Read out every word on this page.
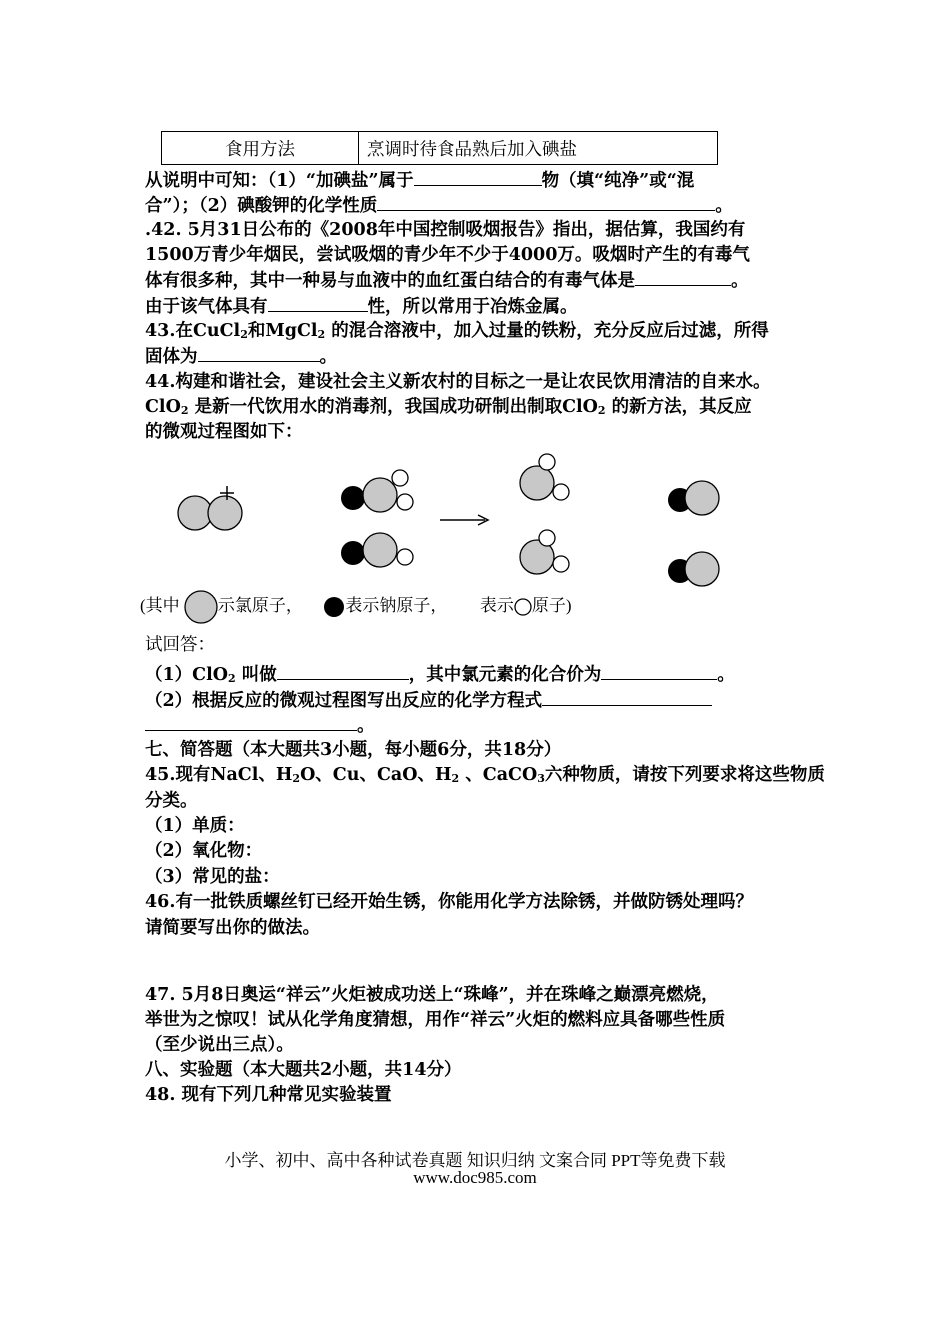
食用方法	烹调时待食品熟后加入碘盐
从说明中可知：（1）“加碘盐”属于	物（填“纯净”或“混
合”）；（2）碘酸钾的化学性质	。
.42. 5月31日公布的《2008年中国控制吸烟报告》指出，据估算，我国约有
1500万青少年烟民，尝试吸烟的青少年不少于4000万。吸烟时产生的有毒气
体有很多种，其中一种易与血液中的血红蛋白结合的有毒气体是	。
由于该气体具有	性，所以常用于冶炼金属。
43.在CuCl$_2$和MgCl$_2$ 的混合溶液中，加入过量的铁粉，充分反应后过滤，所得
固体为	。
44.构建和谐社会，建设社会主义新农村的目标之一是让农民饮用清洁的自来水。
ClO$_2$ 是新一代饮用水的消毒剂，我国成功研制出制取ClO$_2$ 的新方法，其反应
的微观过程图如下：
(其中 示氯原子，	表示钠原子， 表示 原子)
试回答：
（1）ClO$_2$ 叫做	，其中氯元素的化合价为	。
（2）根据反应的微观过程图写出反应的化学方程式
。
七、简答题（本大题共3小题，每小题6分，共18分）
45.现有NaCl、$H_2O$、Cu、CaO、$H_2$ 、CaCO$_3$六种物质，请按下列要求将这些物质
分类。
（1）单质：
（2）氧化物：
（3）常见的盐：
46.有一批铁质螺丝钉已经开始生锈，你能用化学方法除锈，并做防锈处理吗？
请简要写出你的做法。
47. 5月8日奥运“祥云”火炬被成功送上“珠峰”，并在珠峰之巅漂亮燃烧，
举世为之惊叹！试从化学角度猜想，用作“祥云”火炬的燃料应具备哪些性质
（至少说出三点）。
八、实验题（本大题共2小题，共14分）
48. 现有下列几种常见实验装置
小学、初中、高中各种试卷真题 知识归纳 文案合同 PPT等免费下载
www.doc985.com
